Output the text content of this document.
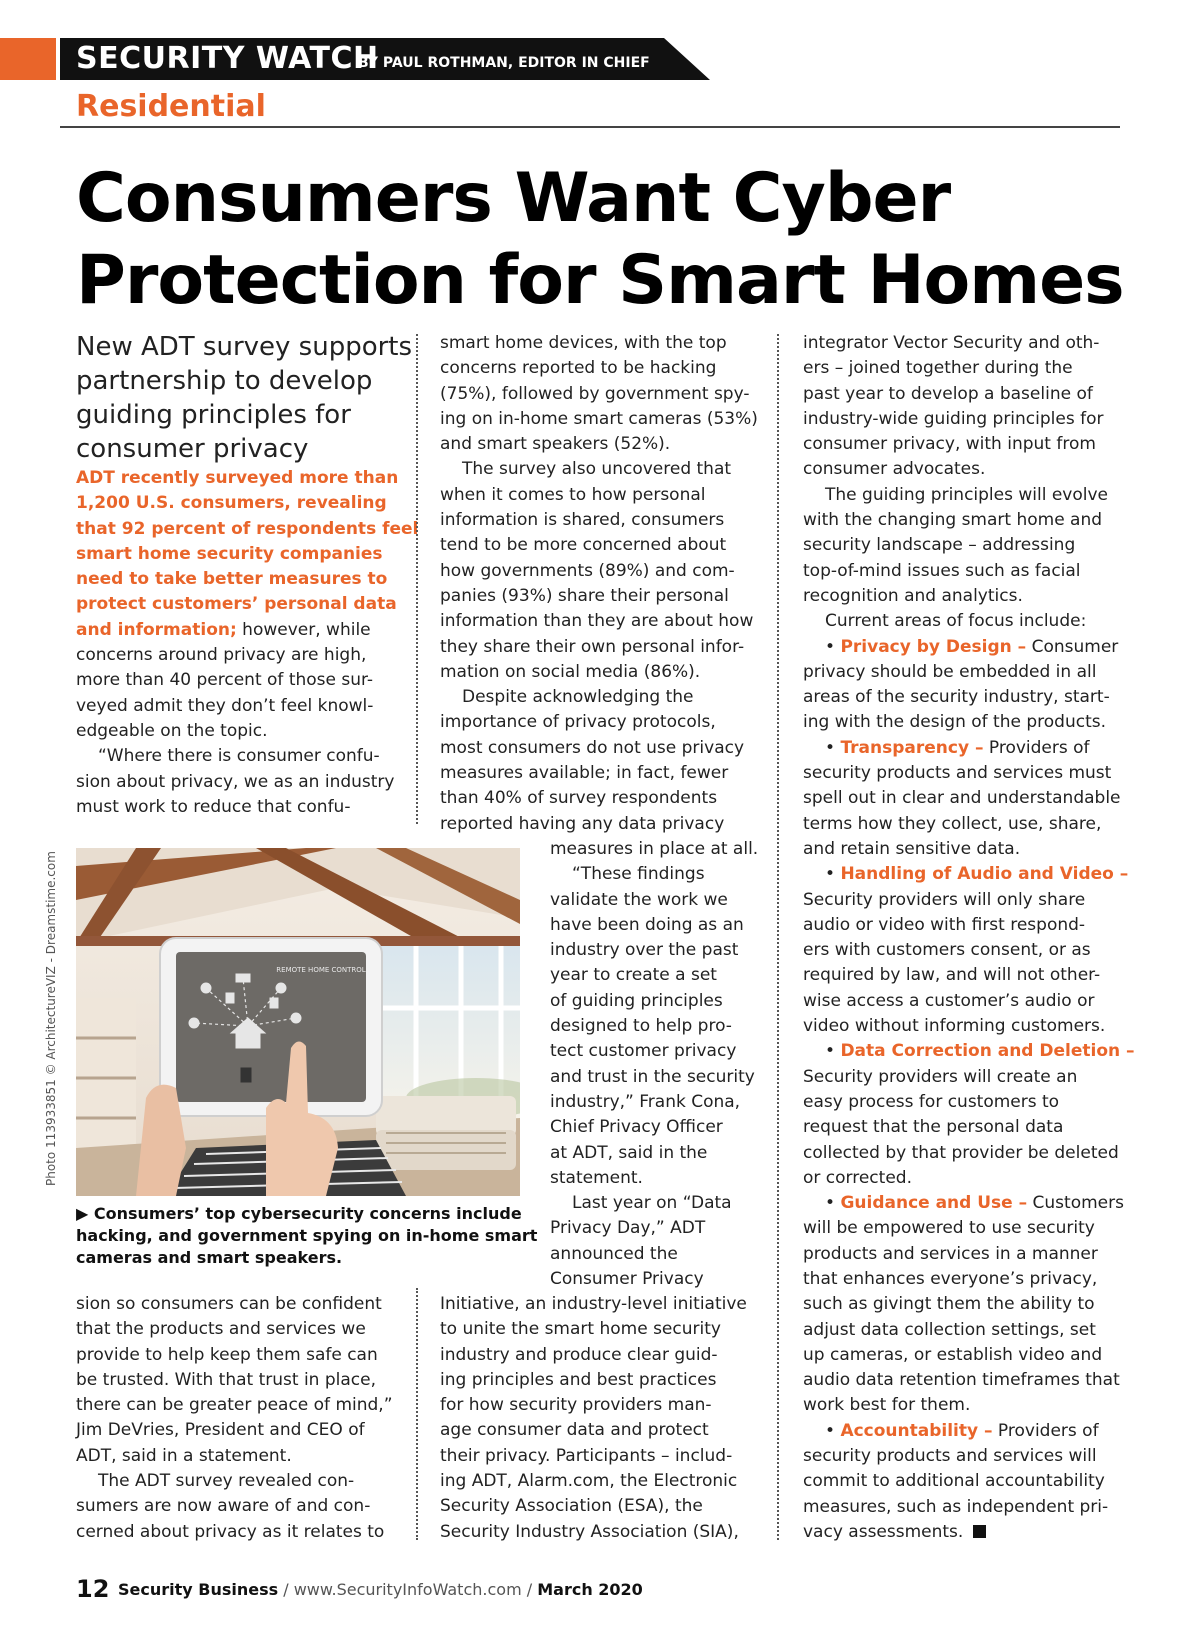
SECURITY WATCH
BY PAUL ROTHMAN, EDITOR IN CHIEF
Residential
Consumers Want Cyber
Protection for Smart Homes
New ADT survey supports
partnership to develop
guiding principles for
consumer privacy
ADT recently surveyed more than
1,200 U.S. consumers, revealing
that 92 percent of respondents feel
smart home security companies
need to take better measures to
protect customers’ personal data
and information; however, while
concerns around privacy are high,
more than 40 percent of those sur-
veyed admit they don’t feel knowl-
edgeable on the topic.
“Where there is consumer confu-
sion about privacy, we as an industry
must work to reduce that confu-
sion so consumers can be confident
that the products and services we
provide to help keep them safe can
be trusted. With that trust in place,
there can be greater peace of mind,”
Jim DeVries, President and CEO of
ADT, said in a statement.
The ADT survey revealed con-
sumers are now aware of and con-
cerned about privacy as it relates to
smart home devices, with the top
concerns reported to be hacking
(75%), followed by government spy-
ing on in-home smart cameras (53%)
and smart speakers (52%).
The survey also uncovered that
when it comes to how personal
information is shared, consumers
tend to be more concerned about
how governments (89%) and com-
panies (93%) share their personal
information than they are about how
they share their own personal infor-
mation on social media (86%).
Despite acknowledging the
importance of privacy protocols,
most consumers do not use privacy
measures available; in fact, fewer
than 40% of survey respondents
reported having any data privacy
measures in place at all.
“These findings
validate the work we
have been doing as an
industry over the past
year to create a set
of guiding principles
designed to help pro-
tect customer privacy
and trust in the security
industry,” Frank Cona,
Chief Privacy Officer
at ADT, said in the
statement.
Last year on “Data
Privacy Day,” ADT
announced the
Consumer Privacy
Initiative, an industry-level initiative
to unite the smart home security
industry and produce clear guid-
ing principles and best practices
for how security providers man-
age consumer data and protect
their privacy. Participants – includ-
ing ADT, Alarm.com, the Electronic
Security Association (ESA), the
Security Industry Association (SIA),
integrator Vector Security and oth-
ers – joined together during the
past year to develop a baseline of
industry-wide guiding principles for
consumer privacy, with input from
consumer advocates.
The guiding principles will evolve
with the changing smart home and
security landscape – addressing
top-of-mind issues such as facial
recognition and analytics.
Current areas of focus include:
• Privacy by Design – Consumer
privacy should be embedded in all
areas of the security industry, start-
ing with the design of the products.
• Transparency – Providers of
security products and services must
spell out in clear and understandable
terms how they collect, use, share,
and retain sensitive data.
• Handling of Audio and Video –
Security providers will only share
audio or video with first respond-
ers with customers consent, or as
required by law, and will not other-
wise access a customer’s audio or
video without informing customers.
• Data Correction and Deletion –
Security providers will create an
easy process for customers to
request that the personal data
collected by that provider be deleted
or corrected.
• Guidance and Use – Customers
will be empowered to use security
products and services in a manner
that enhances everyone’s privacy,
such as givingt them the ability to
adjust data collection settings, set
up cameras, or establish video and
audio data retention timeframes that
work best for them.
• Accountability – Providers of
security products and services will
commit to additional accountability
measures, such as independent pri-
vacy assessments.
REMOTE HOME CONTROL
Photo 113933851 © ArchitectureVIZ - Dreamstime.com
▶ Consumers’ top cybersecurity concerns include
hacking, and government spying on in-home smart
cameras and smart speakers.
12 Security Business / www.SecurityInfoWatch.com / March 2020
